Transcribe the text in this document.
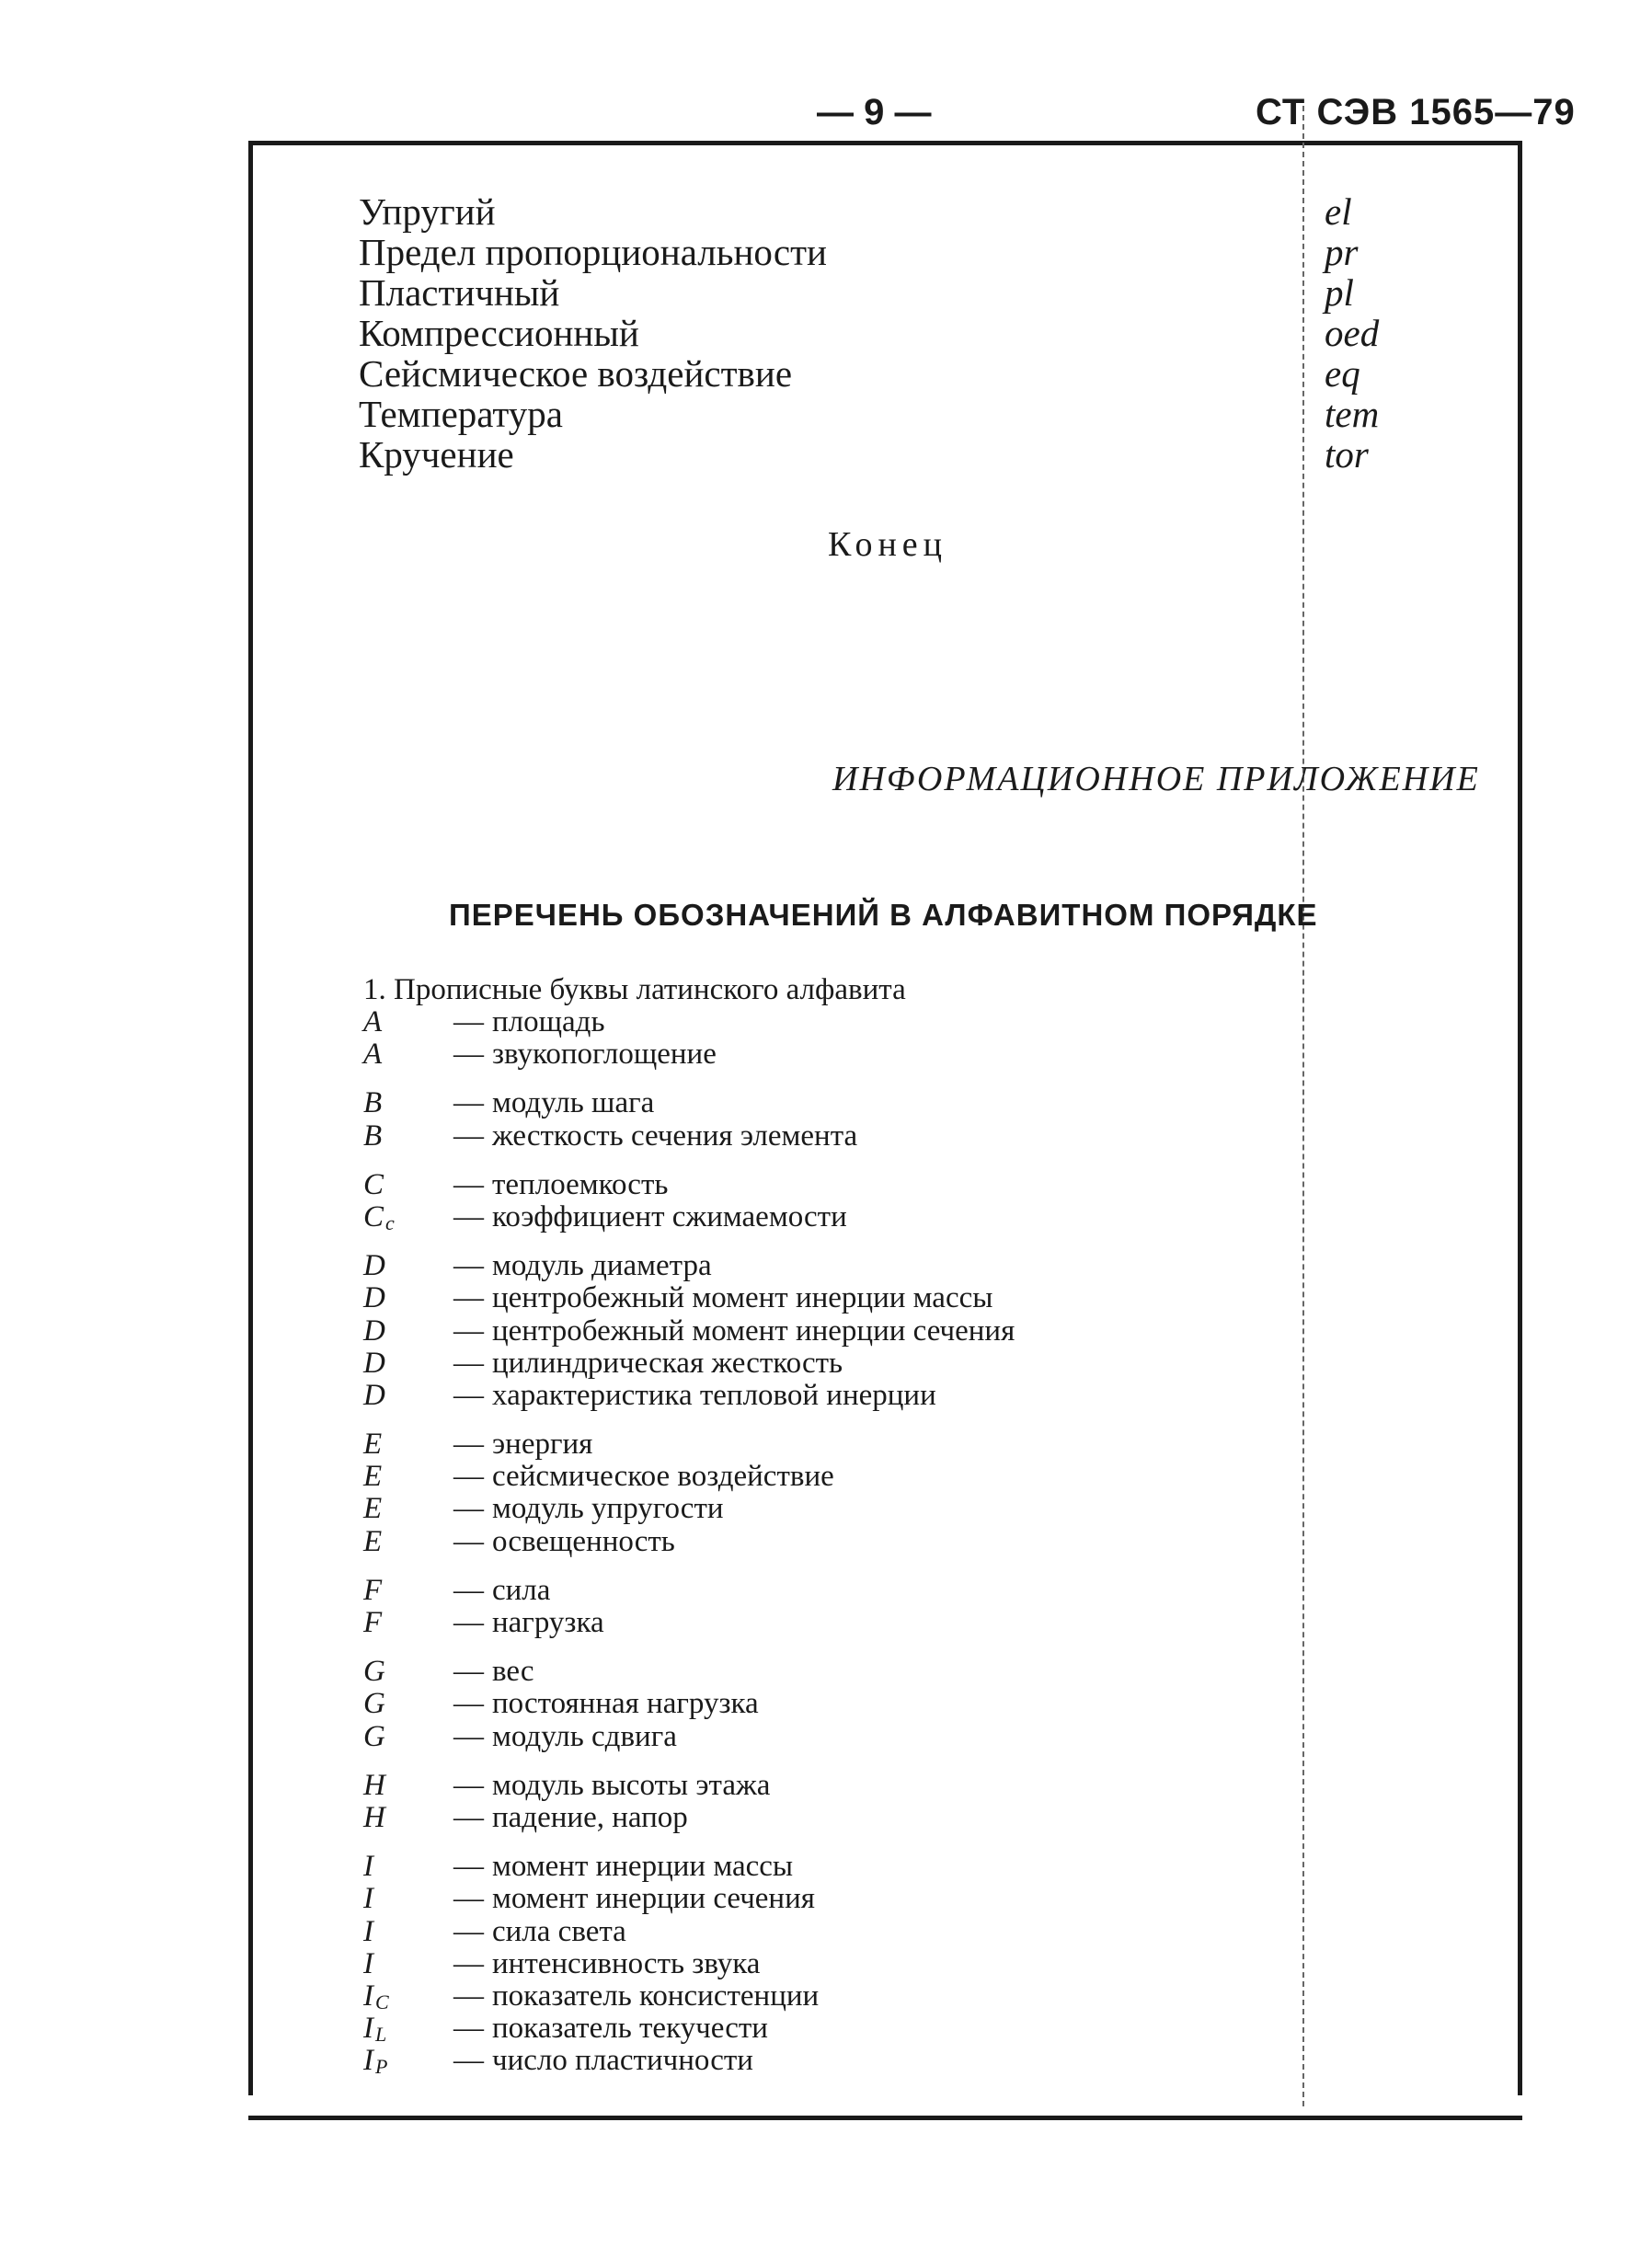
— 9 —	СТ СЭВ 1565—79
Упругий	el
Предел пропорциональности	pr
Пластичный	pl
Компрессионный	oed
Сейсмическое воздействие	eq
Температура	tem
Кручение	tor
Конец
ИНФОРМАЦИОННОЕ ПРИЛОЖЕНИЕ
ПЕРЕЧЕНЬ ОБОЗНАЧЕНИЙ В АЛФАВИТНОМ ПОРЯДКЕ
1. Прописные буквы латинского алфавита
A — площадь
A — звукопоглощение
B — модуль шага
B — жесткость сечения элемента
C — теплоемкость
$C_c$ — коэффициент сжимаемости
D — модуль диаметра
D — центробежный момент инерции массы
D — центробежный момент инерции сечения
D — цилиндрическая жесткость
D — характеристика тепловой инерции
E — энергия
E — сейсмическое воздействие
E — модуль упругости
E — освещенность
F — сила
F — нагрузка
G — вес
G — постоянная нагрузка
G — модуль сдвига
H — модуль высоты этажа
H — падение, напор
I	— момент инерции массы
I	— момент инерции сечения
I	— сила света
I	— интенсивность звука
$I_C$ — показатель консистенции
$I_L$ — показатель текучести
$I_P$ — число пластичности
